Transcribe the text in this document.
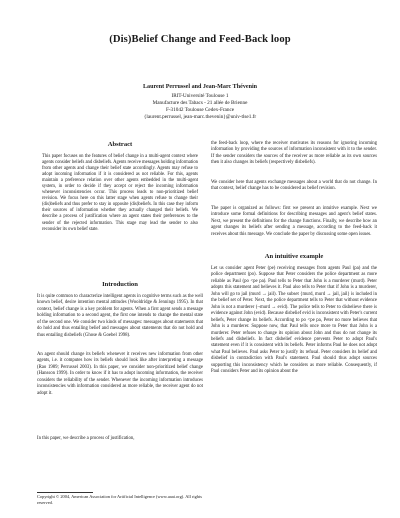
(Dis)Belief Change and Feed-Back loop
Laurent Perrussel and Jean-Marc Thévenin
IRIT-Université Toulouse 1
Manufacture des Tabacs - 21 allée de Brienne
F-31042 Toulouse Cedex-France
{laurent.perrussel, jean-marc.thevenin}@univ-tlse1.fr
Abstract
This paper focuses on the features of belief change in a multi-agent context where agents consider beliefs and disbeliefs. Agents receive messages holding information from other agents and change their belief state accordingly. Agents may refuse to adopt incoming information if it is considered as not reliable. For this, agents maintain a preference relation over other agents embedded in the multi-agent system, in order to decide if they accept or reject the incoming information whenever inconsistencies occur. This process leads to non-prioritized belief revision. We focus here on this latter stage when agents refuse to change their (dis)beliefs and thus prefer to stay in opposite (dis)beliefs. In this case they inform their sources of information whether they actually changed their beliefs. We describe a process of justification where an agent states their preferences to the sender of the rejected information. This stage may lead the sender to also reconsider its own belief state.
Introduction
It is quite common to characterize intelligent agents in cognitive terms such as the well known belief, desire intention mental attitudes (Wooldridge & Jennings 1995). In that context, belief change is a key problem for agents. When a first agent sends a message holding information to a second agent, the first one intends to change the mental state of the second one. We consider two kinds of messages: messages about statements that do hold and thus entailing belief and messages about statements that do not hold and thus entailing disbeliefs (Ghose & Goebel 1998).
An agent should change its beliefs whenever it receives new information from other agents, i.e. it computes how its beliefs should look like after interpreting a message (Rao 1989; Perrussel 2003). In this paper, we consider non-prioritized belief change (Hansson 1999). In order to know if it has to adopt incoming information, the receiver considers the reliability of the sender. Whenever the incoming information introduces inconsistencies with information considered as more reliable, the receiver agent do not adopt it.
In this paper, we describe a process of justification,
Copyright © 2004, American Association for Artificial Intelligence (www.aaai.org). All rights reserved.
the feed-back loop, where the receiver motivates its reasons for ignoring incoming information by providing the sources of information inconsistent with it to the sender. If the sender considers the sources of the receiver as more reliable as its own sources then it also changes its beliefs (respectively disbeliefs).
We consider here that agents exchange messages about a world that do not change. In that context, belief change has to be considered as belief revision.
The paper is organized as follows: first we present an intuitive example. Next we introduce some formal definitions for describing messages and agent's belief states. Next, we present the definitions for the change functions. Finally, we describe how an agent changes its beliefs after sending a message, according to the feed-back it receives about this message. We conclude the paper by discussing some open issues.
An intuitive example
Let us consider agent Peter (pe) receiving messages from agents Paul (pa) and the police department (po). Suppose that Peter considers the police department as more reliable as Paul (po <pe pa). Paul tells to Peter that John is a murderer (murd). Peter adopts this statement and believes it. Paul also tells to Peter that if John is a murderer, John will go to jail (murd → jail). The subset {murd, murd → jail, jail} is included in the belief set of Peter. Next, the police department tells to Peter that without evidence John is not a murderer (¬murd → evid). The police tells to Peter to disbelieve there is evidence against John (evid). Because disbelief evid is inconsistent with Peter's current beliefs, Peter change its beliefs. According to po <pe pa, Peter no more believes that John is a murderer. Suppose now, that Paul tells once more to Peter that John is a murderer. Peter refuses to change its opinion about John and thus do not change its beliefs and disbeliefs. In fact disbelief evidence prevents Peter to adopt Paul's statement even if it is consistent with its beliefs. Peter informs Paul he does not adopt what Paul believes. Paul asks Peter to justify its refusal. Peter considers its belief and disbelief in contradiction with Paul's statement. Paul should thus adopt sources supporting this inconsistency which he considers as more reliable. Consequently, if Paul considers Peter and its opinion about the
